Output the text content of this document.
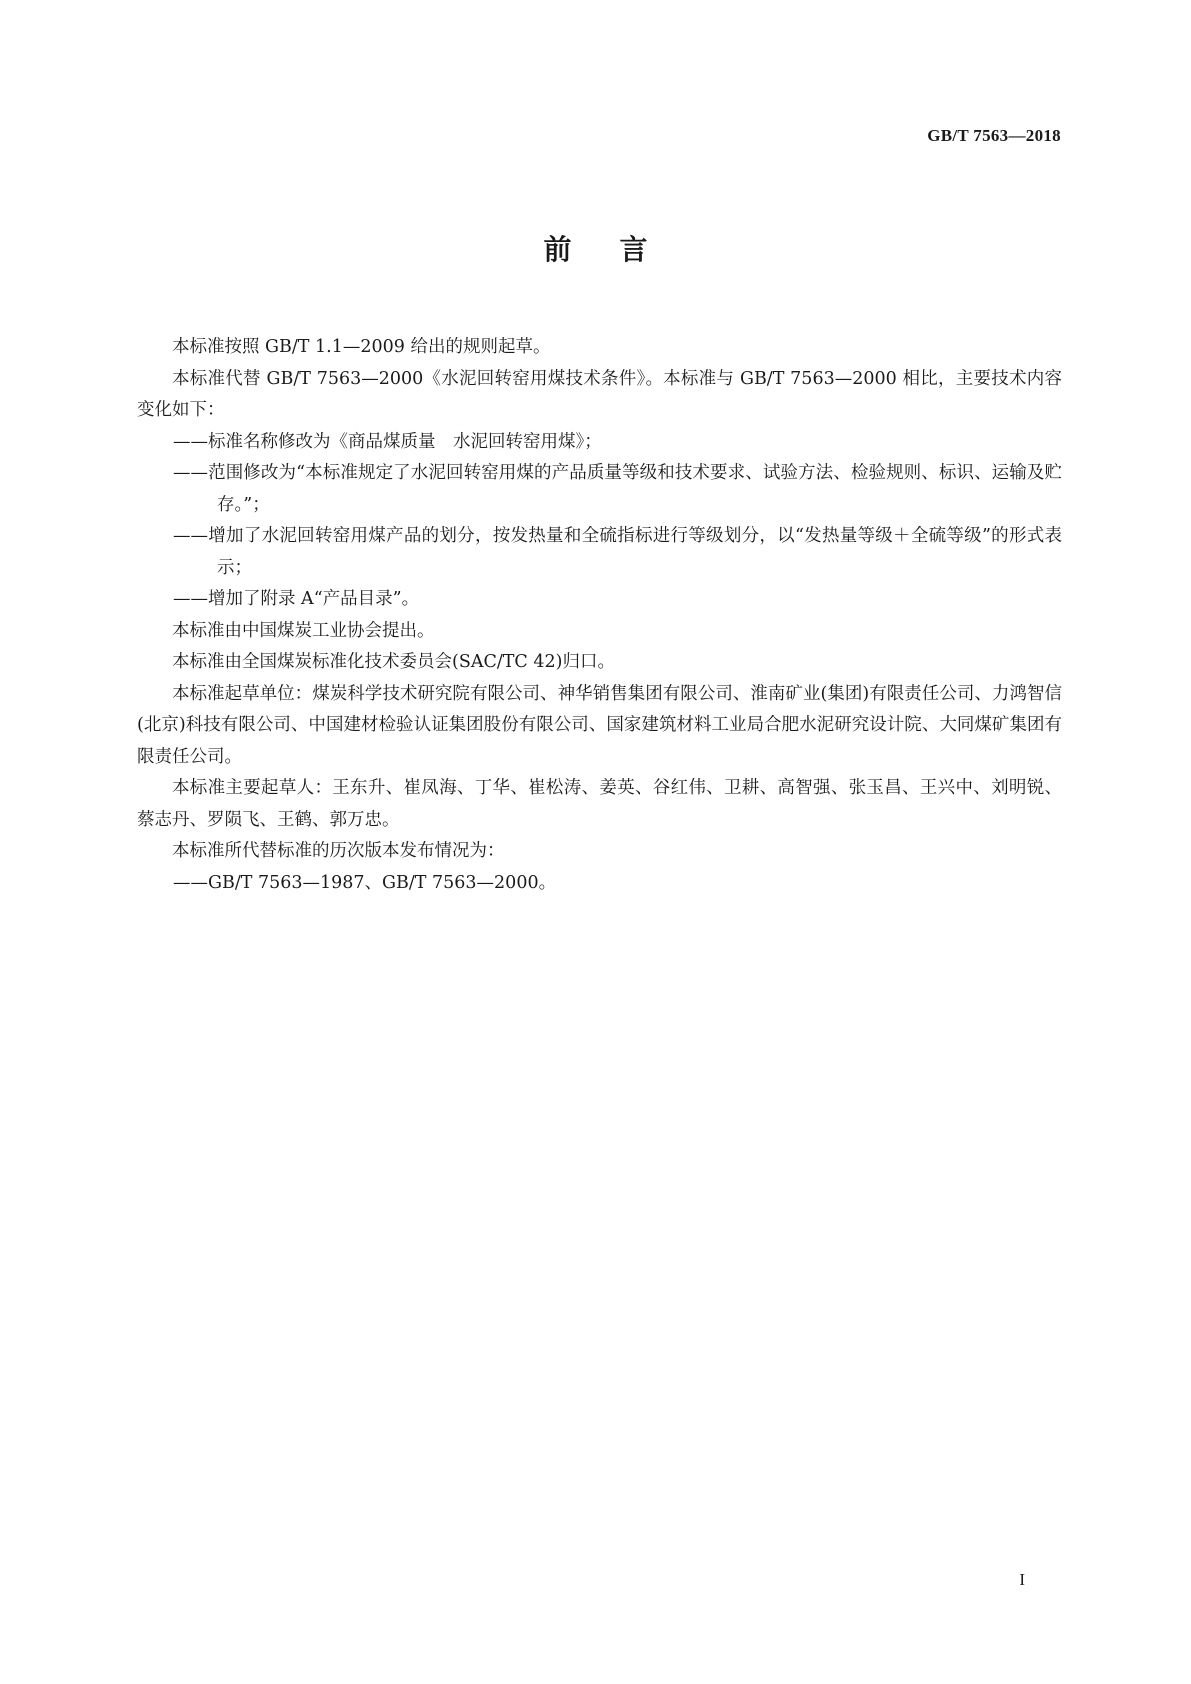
GB/T 7563—2018
前言

本标准按照 GB/T 1.1—2009 给出的规则起草。

本标准代替 GB/T 7563—2000《水泥回转窑用煤技术条件》。本标准与 GB/T 7563—2000 相比，主要技术内容变化如下：

——标准名称修改为《商品煤质量　水泥回转窑用煤》；

——范围修改为“本标准规定了水泥回转窑用煤的产品质量等级和技术要求、试验方法、检验规则、标识、运输及贮存。”；

——增加了水泥回转窑用煤产品的划分，按发热量和全硫指标进行等级划分，以“发热量等级＋全硫等级”的形式表示；

——增加了附录 A“产品目录”。

本标准由中国煤炭工业协会提出。

本标准由全国煤炭标准化技术委员会(SAC/TC 42)归口。

本标准起草单位：煤炭科学技术研究院有限公司、神华销售集团有限公司、淮南矿业(集团)有限责任公司、力鸿智信(北京)科技有限公司、中国建材检验认证集团股份有限公司、国家建筑材料工业局合肥水泥研究设计院、大同煤矿集团有限责任公司。

本标准主要起草人：王东升、崔凤海、丁华、崔松涛、姜英、谷红伟、卫耕、高智强、张玉昌、王兴中、刘明锐、蔡志丹、罗陨飞、王鹤、郭万忠。

本标准所代替标准的历次版本发布情况为：

——GB/T 7563—1987、GB/T 7563—2000。

I
